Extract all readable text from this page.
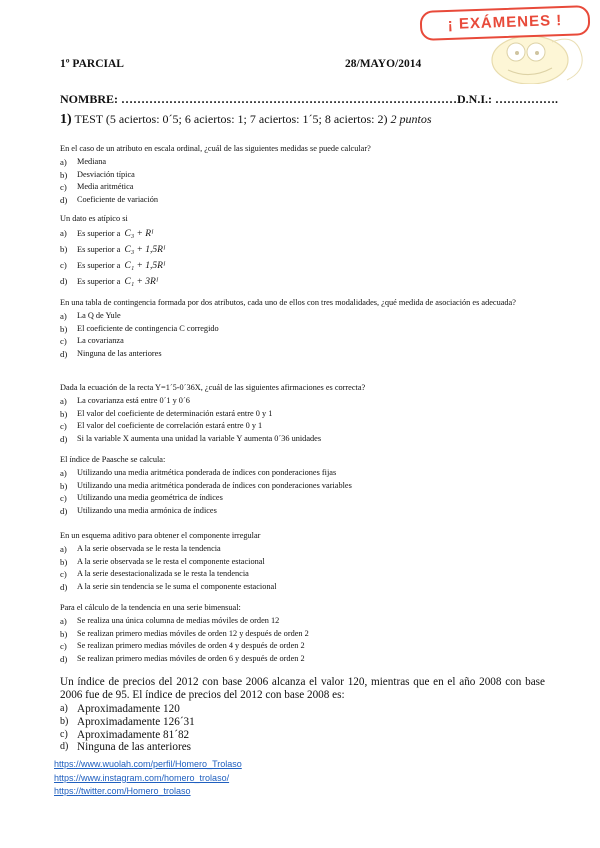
¡ EXÁMENES !
1º PARCIAL	28/MAYO/2014
NOMBRE: …………………………………………………………………………D.N.I.: …………….
1) TEST (5 aciertos: 0´5; 6 aciertos: 1; 7 aciertos: 1´5; 8 aciertos: 2) 2 puntos
En el caso de un atributo en escala ordinal, ¿cuál de las siguientes medidas se puede calcular?
a)	Mediana
b)	Desviación típica
c)	Media aritmética
d)	Coeficiente de variación
Un dato es atípico si
a)	Es superior a C₃ + Rᴵ
b)	Es superior a C₃ + 1,5Rᴵ
c)	Es superior a C₁ + 1,5Rᴵ
d)	Es superior a C₁ + 3Rᴵ
En una tabla de contingencia formada por dos atributos, cada uno de ellos con tres modalidades, ¿qué medida de asociación es adecuada?
a)	La Q de Yule
b)	El coeficiente de contingencia C corregido
c)	La covarianza
d)	Ninguna de las anteriores
Dada la ecuación de la recta Y=1´5-0´36X, ¿cuál de las siguientes afirmaciones es correcta?
a)	La covarianza está entre 0´1 y 0´6
b)	El valor del coeficiente de determinación estará entre 0 y 1
c)	El valor del coeficiente de correlación estará entre 0 y 1
d)	Si la variable X aumenta una unidad la variable Y aumenta 0´36 unidades
El índice de Paasche se calcula:
a)	Utilizando una media aritmética ponderada de índices con ponderaciones fijas
b)	Utilizando una media aritmética ponderada de índices con ponderaciones variables
c)	Utilizando una media geométrica de índices
d)	Utilizando una media armónica de índices
En un esquema aditivo para obtener el componente irregular
a)	A la serie observada se le resta la tendencia
b)	A la serie observada se le resta el componente estacional
c)	A la serie desestacionalizada se le resta la tendencia
d)	A la serie sin tendencia se le suma el componente estacional
Para el cálculo de la tendencia en una serie bimensual:
a)	Se realiza una única columna de medias móviles de orden 12
b)	Se realizan primero medias móviles de orden 12 y después de orden 2
c)	Se realizan primero medias móviles de orden 4 y después de orden 2
d)	Se realizan primero medias móviles de orden 6 y después de orden 2
Un índice de precios del 2012 con base 2006 alcanza el valor 120, mientras que en el año 2008 con base 2006 fue de 95. El índice de precios del 2012 con base 2008 es:
a) Aproximadamente 120
b) Aproximadamente 126´31
c) Aproximadamente 81´82
d) Ninguna de las anteriores
https://www.wuolah.com/perfil/Homero_Trolaso
https://www.instagram.com/homero_trolaso/
https://twitter.com/Homero_trolaso
